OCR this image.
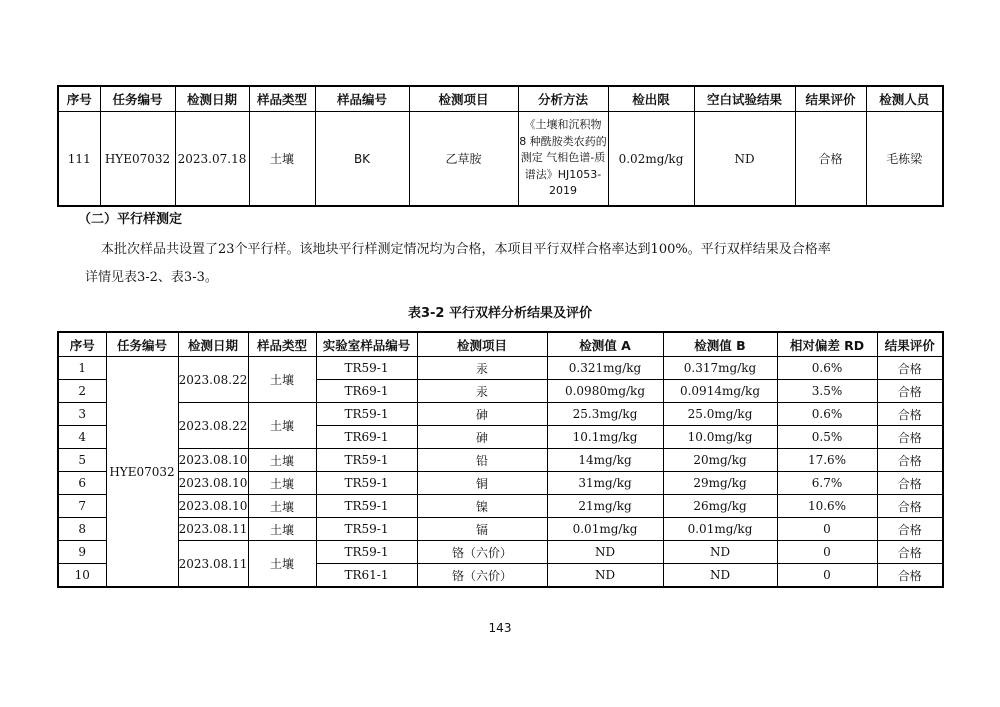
序号	任务编号	检测日期	样品类型	样品编号	检测项目	分析方法	检出限	空白试验结果	结果评价	检测人员
111	HYE07032	2023.07.18	土壤	BK	乙草胺	《土壤和沉积物
8 种酰胺类农药的
测定 气相色谱-质
谱法》HJ1053-
2019	0.02mg/kg	ND	合格	毛栋梁
（二）平行样测定
本批次样品共设置了23个平行样。该地块平行样测定情况均为合格，本项目平行双样合格率达到100%。平行双样结果及合格率
详情见表3-2、表3-3。
表3-2 平行双样分析结果及评价
序号	任务编号	检测日期	样品类型	实验室样品编号	检测项目	检测值 A	检测值 B	相对偏差 RD	结果评价
1	HYE07032	2023.08.22	土壤	TR59-1	汞	0.321mg/kg	0.317mg/kg	0.6%	合格
2				TR69-1	汞	0.0980mg/kg	0.0914mg/kg	3.5%	合格
3		2023.08.22	土壤	TR59-1	砷	25.3mg/kg	25.0mg/kg	0.6%	合格
4				TR69-1	砷	10.1mg/kg	10.0mg/kg	0.5%	合格
5		2023.08.10	土壤	TR59-1	铅	14mg/kg	20mg/kg	17.6%	合格
6		2023.08.10	土壤	TR59-1	铜	31mg/kg	29mg/kg	6.7%	合格
7		2023.08.10	土壤	TR59-1	镍	21mg/kg	26mg/kg	10.6%	合格
8		2023.08.11	土壤	TR59-1	镉	0.01mg/kg	0.01mg/kg	0	合格
9		2023.08.11	土壤	TR59-1	铬（六价）	ND	ND	0	合格
10				TR61-1	铬（六价）	ND	ND	0	合格
143
